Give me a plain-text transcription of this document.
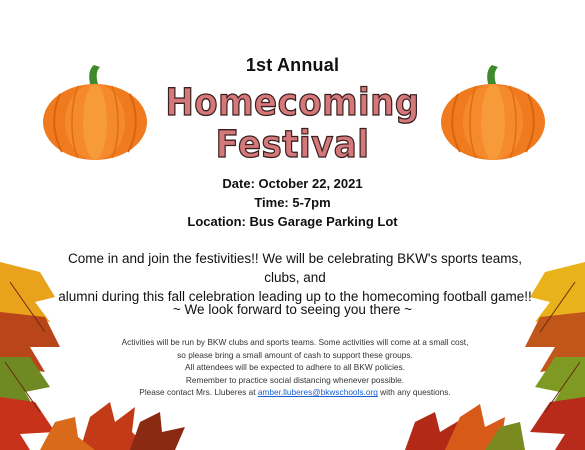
1st Annual
Homecoming
Festival
Date: October 22, 2021
Time: 5-7pm
Location: Bus Garage Parking Lot
Come in and join the festivities!! We will be celebrating BKW's sports teams, clubs, and
alumni during this fall celebration leading up to the homecoming football game!!
~ We look forward to seeing you there ~
Activities will be run by BKW clubs and sports teams. Some activities will come at a small cost,
so please bring a small amount of cash to support these groups.
All attendees will be expected to adhere to all BKW policies.
Remember to practice social distancing whenever possible.
Please contact Mrs. Lluberes at amber.lluberes@bkwschools.org with any questions.
